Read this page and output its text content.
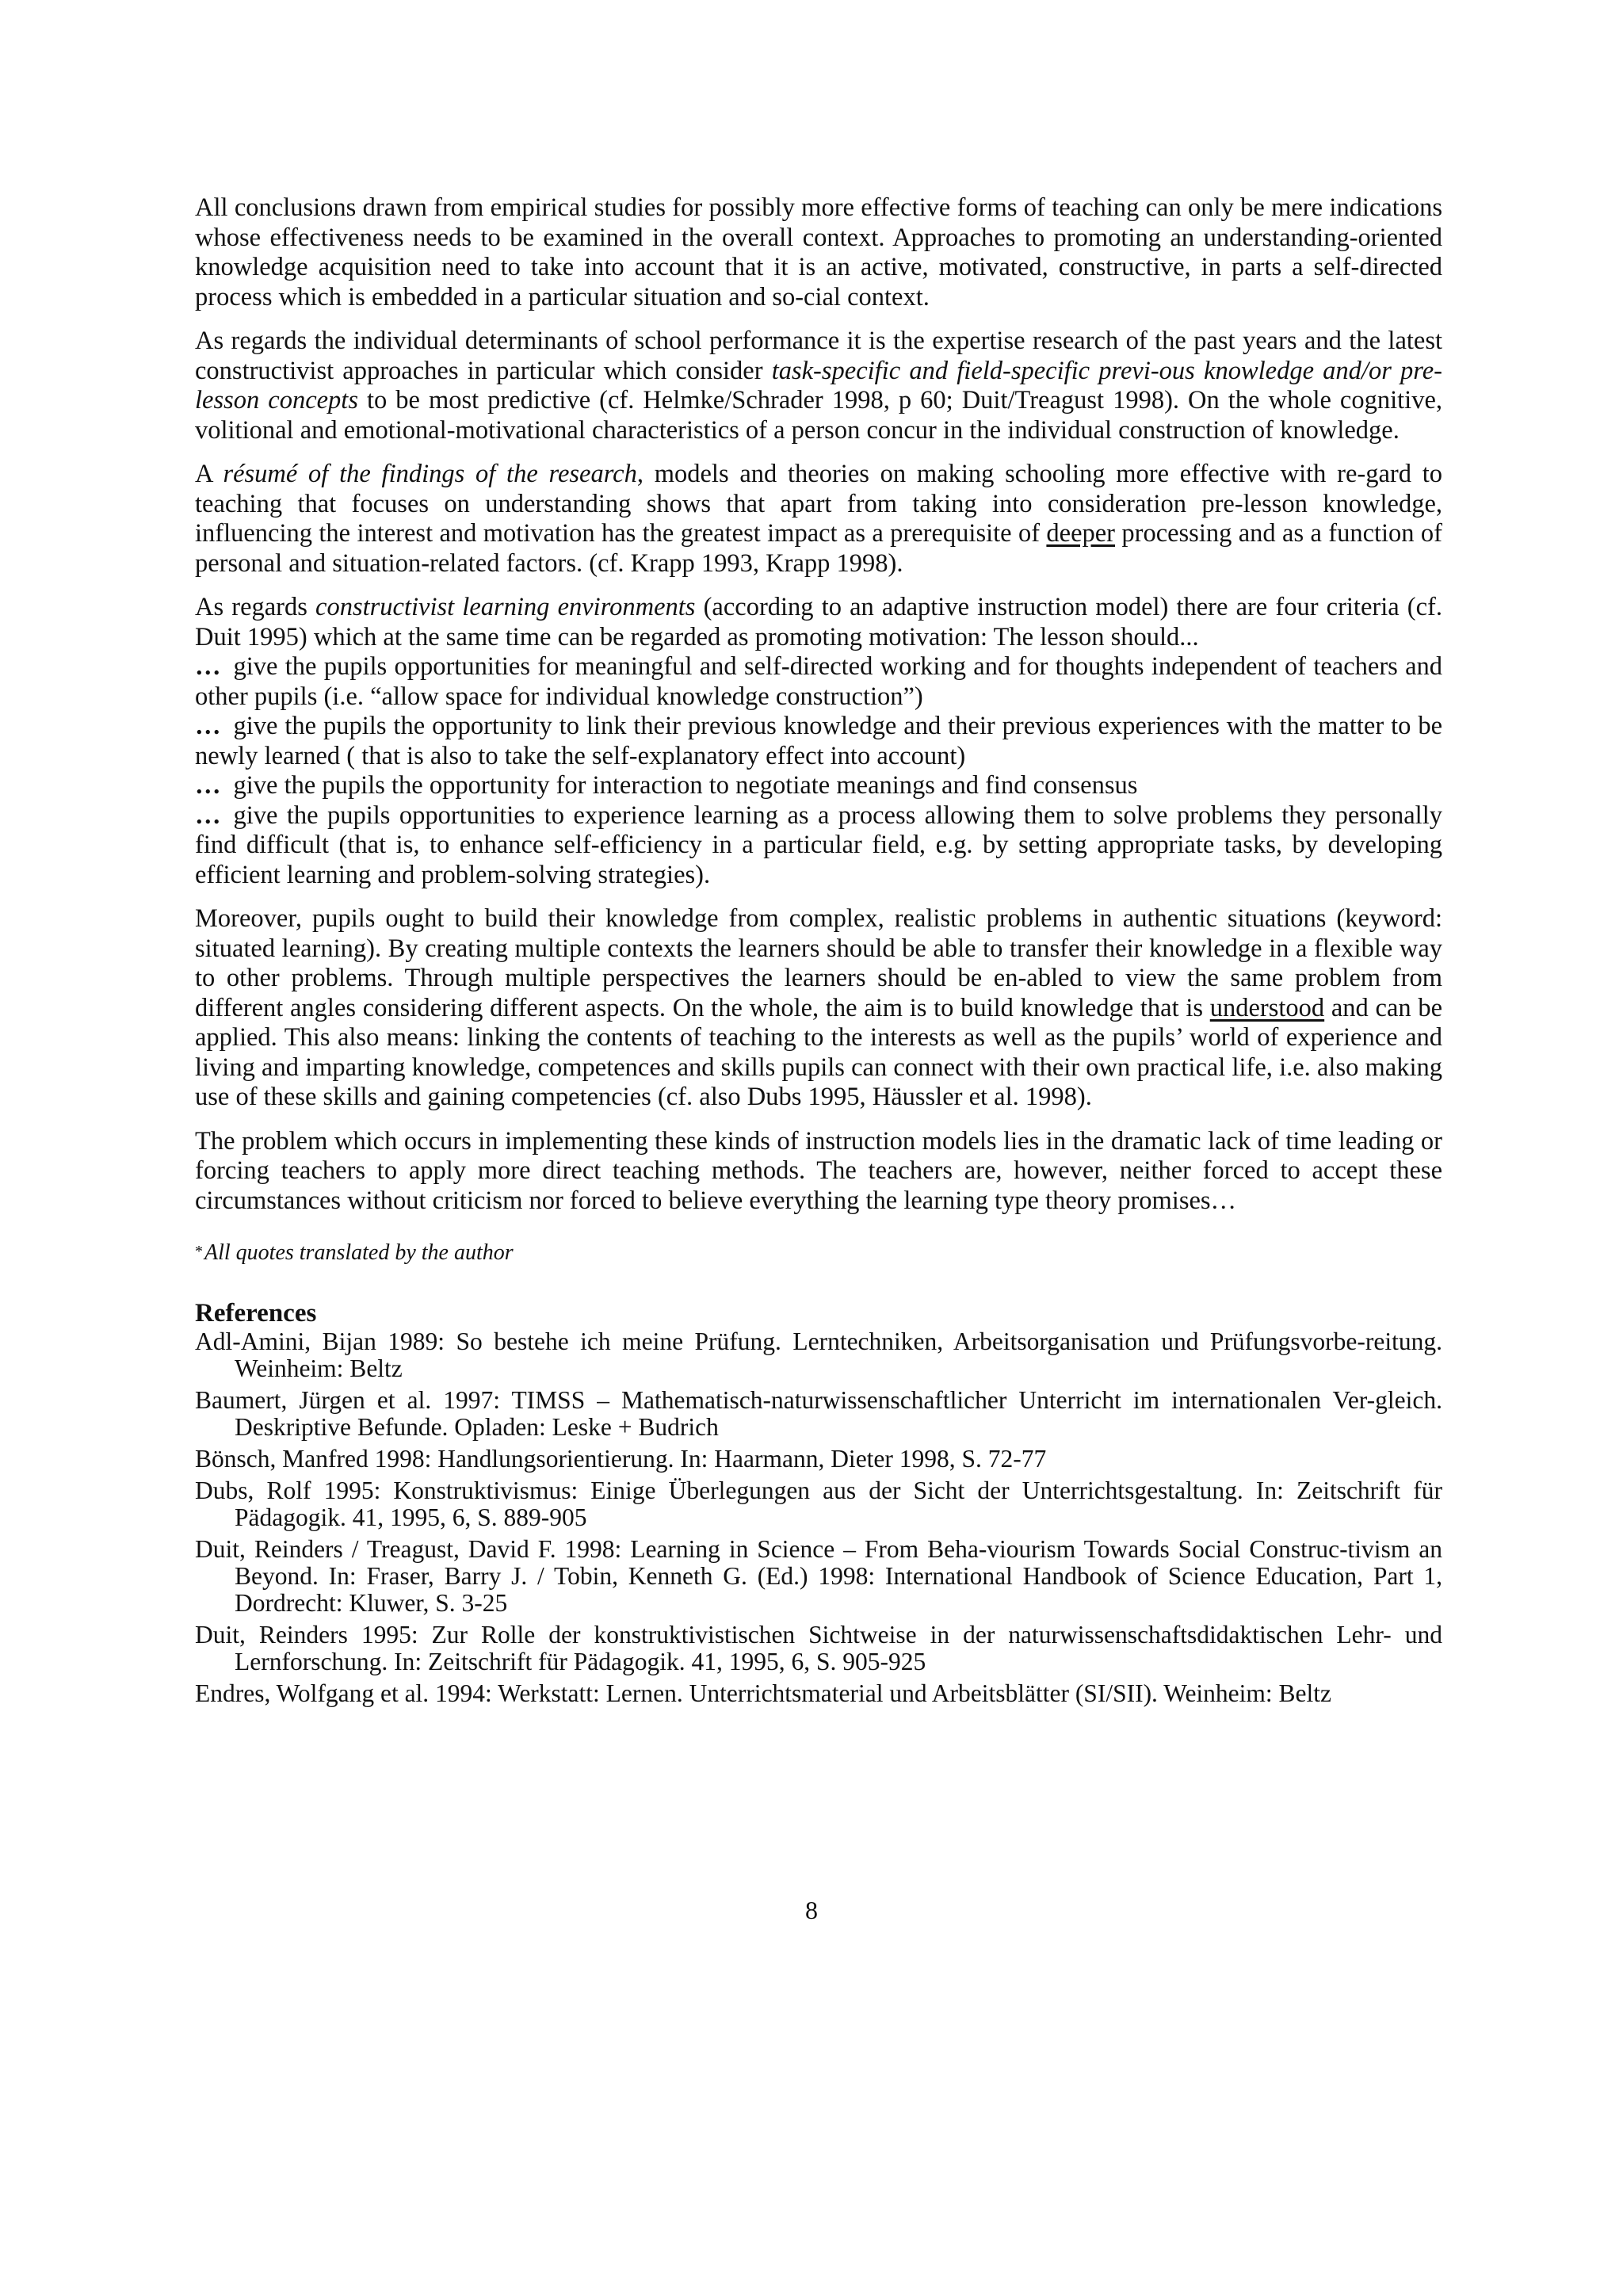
All conclusions drawn from empirical studies for possibly more effective forms of teaching can only be mere indications whose effectiveness needs to be examined in the overall context. Approaches to promoting an understanding-oriented knowledge acquisition need to take into account that it is an active, motivated, constructive, in parts a self-directed process which is embedded in a particular situation and so-cial context.

As regards the individual determinants of school performance it is the expertise research of the past years and the latest constructivist approaches in particular which consider task-specific and field-specific previ-ous knowledge and/or pre-lesson concepts to be most predictive (cf. Helmke/Schrader 1998, p 60; Duit/Treagust 1998). On the whole cognitive, volitional and emotional-motivational characteristics of a person concur in the individual construction of knowledge.

A résumé of the findings of the research, models and theories on making schooling more effective with re-gard to teaching that focuses on understanding shows that apart from taking into consideration pre-lesson knowledge, influencing the interest and motivation has the greatest impact as a prerequisite of deeper processing and as a function of personal and situation-related factors. (cf. Krapp 1993, Krapp 1998).

As regards constructivist learning environments (according to an adaptive instruction model) there are four criteria (cf. Duit 1995) which at the same time can be regarded as promoting motivation: The lesson should...
… give the pupils opportunities for meaningful and self-directed working and for thoughts independent of teachers and other pupils (i.e. “allow space for individual knowledge construction”)
… give the pupils the opportunity to link their previous knowledge and their previous experiences with the matter to be newly learned ( that is also to take the self-explanatory effect into account)
… give the pupils the opportunity for interaction to negotiate meanings and find consensus
… give the pupils opportunities to experience learning as a process allowing them to solve problems they personally find difficult (that is, to enhance self-efficiency in a particular field, e.g. by setting appropriate tasks, by developing efficient learning and problem-solving strategies).

Moreover, pupils ought to build their knowledge from complex, realistic problems in authentic situations (keyword: situated learning). By creating multiple contexts the learners should be able to transfer their knowledge in a flexible way to other problems. Through multiple perspectives the learners should be en-abled to view the same problem from different angles considering different aspects. On the whole, the aim is to build knowledge that is understood and can be applied. This also means: linking the contents of teaching to the interests as well as the pupils’ world of experience and living and imparting knowledge, competences and skills pupils can connect with their own practical life, i.e. also making use of these skills and gaining competencies (cf. also Dubs 1995, Häussler et al. 1998).

The problem which occurs in implementing these kinds of instruction models lies in the dramatic lack of time leading or forcing teachers to apply more direct teaching methods. The teachers are, however, neither forced to accept these circumstances without criticism nor forced to believe everything the learning type theory promises…

*All quotes translated by the author

References
Adl-Amini, Bijan 1989: So bestehe ich meine Prüfung. Lerntechniken, Arbeitsorganisation und Prüfungsvorbe-reitung. Weinheim: Beltz
Baumert, Jürgen et al. 1997: TIMSS – Mathematisch-naturwissenschaftlicher Unterricht im internationalen Ver-gleich. Deskriptive Befunde. Opladen: Leske + Budrich
Bönsch, Manfred 1998: Handlungsorientierung. In: Haarmann, Dieter 1998, S. 72-77
Dubs, Rolf 1995: Konstruktivismus: Einige Überlegungen aus der Sicht der Unterrichtsgestaltung. In: Zeitschrift für Pädagogik. 41, 1995, 6, S. 889-905
Duit, Reinders / Treagust, David F. 1998: Learning in Science – From Beha-viourism Towards Social Construc-tivism an Beyond. In: Fraser, Barry J. / Tobin, Kenneth G. (Ed.) 1998: International Handbook of Science Education, Part 1, Dordrecht: Kluwer, S. 3-25
Duit, Reinders 1995: Zur Rolle der konstruktivistischen Sichtweise in der naturwissenschaftsdidaktischen Lehr- und Lernforschung. In: Zeitschrift für Pädagogik. 41, 1995, 6, S. 905-925
Endres, Wolfgang et al. 1994: Werkstatt: Lernen. Unterrichtsmaterial und Arbeitsblätter (SI/SII). Weinheim: Beltz
8
